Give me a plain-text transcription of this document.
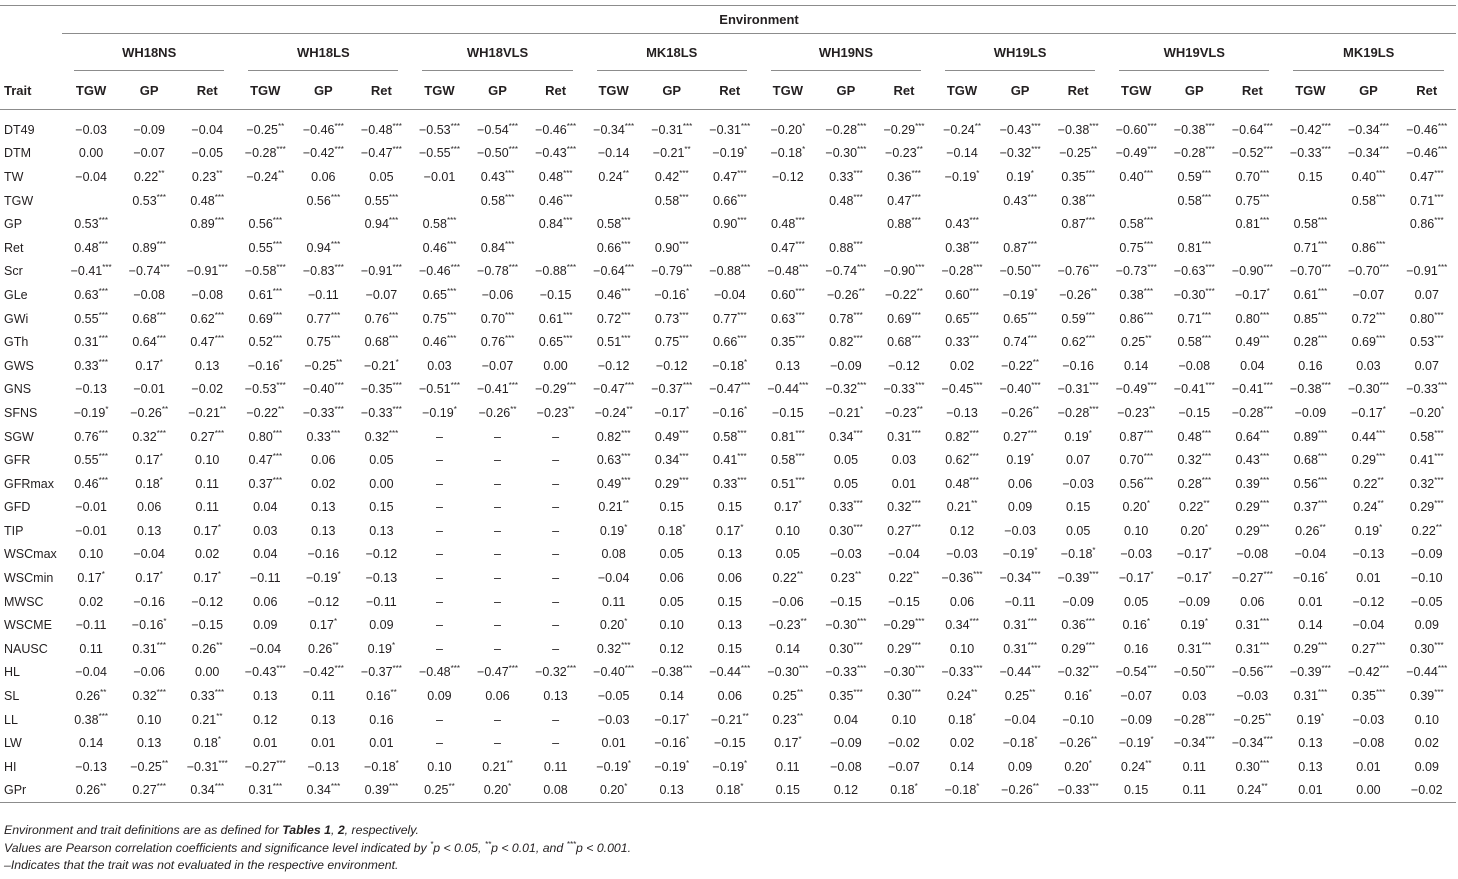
	Environment																							
	WH18NS			WH18LS			WH18VLS			MK18LS			WH19NS			WH19LS			WH19VLS			MK19LS		

Trait	TGW	GP	Ret	TGW	GP	Ret	TGW	GP	Ret	TGW	GP	Ret	TGW	GP	Ret	TGW	GP	Ret	TGW	GP	Ret	TGW	GP	Ret

DT49	−0.03	−0.09	−0.04	−0.25**	−0.46***	−0.48***	−0.53***	−0.54***	−0.46***	−0.34***	−0.31***	−0.31***	−0.20*	−0.28***	−0.29***	−0.24**	−0.43***	−0.38***	−0.60***	−0.38***	−0.64***	−0.42***	−0.34***	−0.46***
DTM	0.00	−0.07	−0.05	−0.28***	−0.42***	−0.47***	−0.55***	−0.50***	−0.43***	−0.14	−0.21**	−0.19*	−0.18*	−0.30***	−0.23**	−0.14	−0.32***	−0.25**	−0.49***	−0.28***	−0.52***	−0.33***	−0.34***	−0.46***
TW	−0.04	0.22**	0.23**	−0.24**	0.06	0.05	−0.01	0.43***	0.48***	0.24**	0.42***	0.47***	−0.12	0.33***	0.36***	−0.19*	0.19*	0.35***	0.40***	0.59***	0.70***	0.15	0.40***	0.47***
TGW		0.53***	0.48***		0.56***	0.55***		0.58***	0.46***		0.58***	0.66***		0.48***	0.47***		0.43***	0.38***		0.58***	0.75***		0.58***	0.71***
GP	0.53***		0.89***	0.56***		0.94***	0.58***		0.84***	0.58***		0.90***	0.48***		0.88***	0.43***		0.87***	0.58***		0.81***	0.58***		0.86***
Ret	0.48***	0.89***		0.55***	0.94***		0.46***	0.84***		0.66***	0.90***		0.47***	0.88***		0.38***	0.87***		0.75***	0.81***		0.71***	0.86***	
Scr	−0.41***	−0.74***	−0.91***	−0.58***	−0.83***	−0.91***	−0.46***	−0.78***	−0.88***	−0.64***	−0.79***	−0.88***	−0.48***	−0.74***	−0.90***	−0.28***	−0.50***	−0.76***	−0.73***	−0.63***	−0.90***	−0.70***	−0.70***	−0.91***
GLe	0.63***	−0.08	−0.08	0.61***	−0.11	−0.07	0.65***	−0.06	−0.15	0.46***	−0.16*	−0.04	0.60***	−0.26**	−0.22**	0.60***	−0.19*	−0.26**	0.38***	−0.30***	−0.17*	0.61***	−0.07	0.07
GWi	0.55***	0.68***	0.62***	0.69***	0.77***	0.76***	0.75***	0.70***	0.61***	0.72***	0.73***	0.77***	0.63***	0.78***	0.69***	0.65***	0.65***	0.59***	0.86***	0.71***	0.80***	0.85***	0.72***	0.80***
GTh	0.31***	0.64***	0.47***	0.52***	0.75***	0.68***	0.46***	0.76***	0.65***	0.51***	0.75***	0.66***	0.35***	0.82***	0.68***	0.33***	0.74***	0.62***	0.25**	0.58***	0.49***	0.28***	0.69***	0.53***
GWS	0.33***	0.17*	0.13	−0.16*	−0.25**	−0.21*	0.03	−0.07	0.00	−0.12	−0.12	−0.18*	0.13	−0.09	−0.12	0.02	−0.22**	−0.16	0.14	−0.08	0.04	0.16	0.03	0.07
GNS	−0.13	−0.01	−0.02	−0.53***	−0.40***	−0.35***	−0.51***	−0.41***	−0.29***	−0.47***	−0.37***	−0.47***	−0.44***	−0.32***	−0.33***	−0.45***	−0.40***	−0.31***	−0.49***	−0.41***	−0.41***	−0.38***	−0.30***	−0.33***
SFNS	−0.19*	−0.26**	−0.21**	−0.22**	−0.33***	−0.33***	−0.19*	−0.26**	−0.23**	−0.24**	−0.17*	−0.16*	−0.15	−0.21*	−0.23**	−0.13	−0.26**	−0.28***	−0.23**	−0.15	−0.28***	−0.09	−0.17*	−0.20*
SGW	0.76***	0.32***	0.27***	0.80***	0.33***	0.32***	–	–	–	0.82***	0.49***	0.58***	0.81***	0.34***	0.31***	0.82***	0.27***	0.19*	0.87***	0.48***	0.64***	0.89***	0.44***	0.58***
GFR	0.55***	0.17*	0.10	0.47***	0.06	0.05	–	–	–	0.63***	0.34***	0.41***	0.58***	0.05	0.03	0.62***	0.19*	0.07	0.70***	0.32***	0.43***	0.68***	0.29***	0.41***
GFRmax	0.46***	0.18*	0.11	0.37***	0.02	0.00	–	–	–	0.49***	0.29***	0.33***	0.51***	0.05	0.01	0.48***	0.06	−0.03	0.56***	0.28***	0.39***	0.56***	0.22**	0.32***
GFD	−0.01	0.06	0.11	0.04	0.13	0.15	–	–	–	0.21**	0.15	0.15	0.17*	0.33***	0.32***	0.21**	0.09	0.15	0.20*	0.22**	0.29***	0.37***	0.24**	0.29***
TIP	−0.01	0.13	0.17*	0.03	0.13	0.13	–	–	–	0.19*	0.18*	0.17*	0.10	0.30***	0.27***	0.12	−0.03	0.05	0.10	0.20*	0.29***	0.26**	0.19*	0.22**
WSCmax	0.10	−0.04	0.02	0.04	−0.16	−0.12	–	–	–	0.08	0.05	0.13	0.05	−0.03	−0.04	−0.03	−0.19*	−0.18*	−0.03	−0.17*	−0.08	−0.04	−0.13	−0.09
WSCmin	0.17*	0.17*	0.17*	−0.11	−0.19*	−0.13	–	–	–	−0.04	0.06	0.06	0.22**	0.23**	0.22**	−0.36***	−0.34***	−0.39***	−0.17*	−0.17*	−0.27***	−0.16*	0.01	−0.10
MWSC	0.02	−0.16	−0.12	0.06	−0.12	−0.11	–	–	–	0.11	0.05	0.15	−0.06	−0.15	−0.15	0.06	−0.11	−0.09	0.05	−0.09	0.06	0.01	−0.12	−0.05
WSCME	−0.11	−0.16*	−0.15	0.09	0.17*	0.09	–	–	–	0.20*	0.10	0.13	−0.23**	−0.30***	−0.29***	0.34***	0.31***	0.36***	0.16*	0.19*	0.31***	0.14	−0.04	0.09
NAUSC	0.11	0.31***	0.26**	−0.04	0.26**	0.19*	–	–	–	0.32***	0.12	0.15	0.14	0.30***	0.29***	0.10	0.31***	0.29***	0.16	0.31***	0.31***	0.29***	0.27***	0.30***
HL	−0.04	−0.06	0.00	−0.43***	−0.42***	−0.37***	−0.48***	−0.47***	−0.32***	−0.40***	−0.38***	−0.44***	−0.30***	−0.33***	−0.30***	−0.33***	−0.44***	−0.32***	−0.54***	−0.50***	−0.56***	−0.39***	−0.42***	−0.44***
SL	0.26**	0.32***	0.33***	0.13	0.11	0.16**	0.09	0.06	0.13	−0.05	0.14	0.06	0.25**	0.35***	0.30***	0.24**	0.25**	0.16*	−0.07	0.03	−0.03	0.31***	0.35***	0.39***
LL	0.38***	0.10	0.21**	0.12	0.13	0.16	–	–	–	−0.03	−0.17*	−0.21**	0.23**	0.04	0.10	0.18*	−0.04	−0.10	−0.09	−0.28***	−0.25**	0.19*	−0.03	0.10
LW	0.14	0.13	0.18*	0.01	0.01	0.01	–	–	–	0.01	−0.16*	−0.15	0.17*	−0.09	−0.02	0.02	−0.18*	−0.26**	−0.19*	−0.34***	−0.34***	0.13	−0.08	0.02
HI	−0.13	−0.25**	−0.31***	−0.27***	−0.13	−0.18*	0.10	0.21**	0.11	−0.19*	−0.19*	−0.19*	0.11	−0.08	−0.07	0.14	0.09	0.20*	0.24**	0.11	0.30***	0.13	0.01	0.09
GPr	0.26**	0.27***	0.34***	0.31***	0.34***	0.39***	0.25**	0.20*	0.08	0.20*	0.13	0.18*	0.15	0.12	0.18*	−0.18*	−0.26**	−0.33***	0.15	0.11	0.24**	0.01	0.00	−0.02
Environment and trait definitions are as defined for Tables 1, 2, respectively.
Values are Pearson correlation coefficients and significance level indicated by *p < 0.05, **p < 0.01, and ***p < 0.001.
–Indicates that the trait was not evaluated in the respective environment.
